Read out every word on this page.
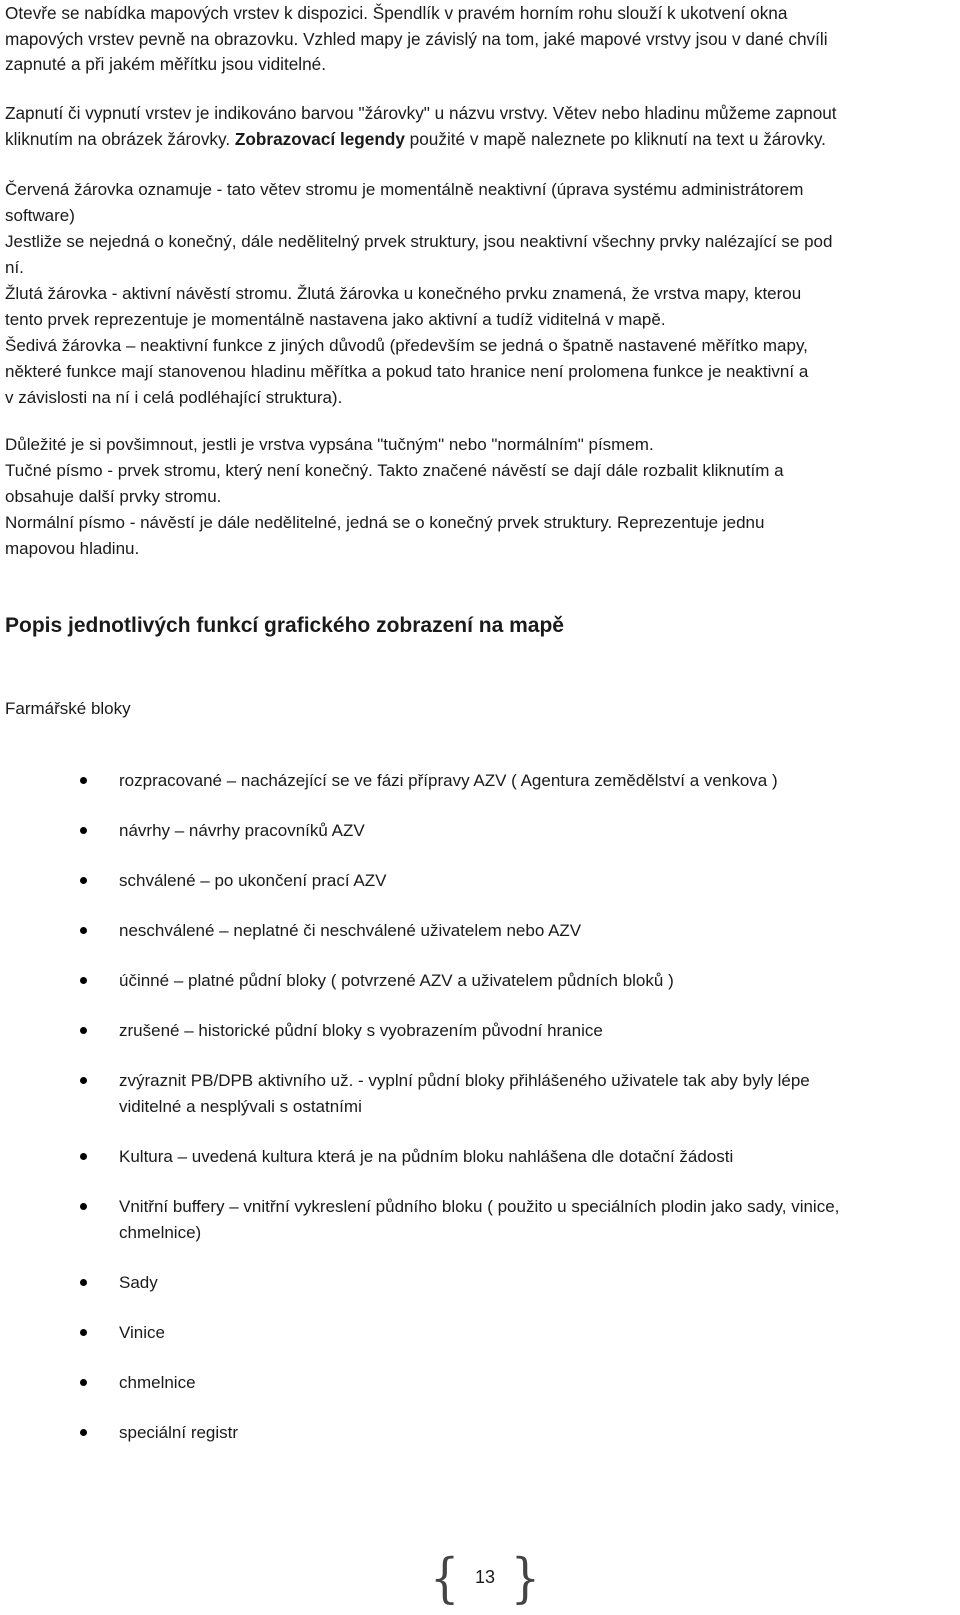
Otevře se nabídka mapových vrstev k dispozici. Špendlík v pravém horním rohu slouží k ukotvení okna
mapových vrstev pevně na obrazovku. Vzhled mapy je závislý na tom, jaké mapové vrstvy jsou v dané chvíli
zapnuté a při jakém měřítku jsou viditelné.
Zapnutí či vypnutí vrstev je indikováno barvou "žárovky" u názvu vrstvy. Větev nebo hladinu můžeme zapnout
kliknutím na obrázek žárovky. Zobrazovací legendy použité v mapě naleznete po kliknutí na text u žárovky.
Červená žárovka oznamuje - tato větev stromu je momentálně neaktivní (úprava systému administrátorem
software)
Jestliže se nejedná o konečný, dále nedělitelný prvek struktury, jsou neaktivní všechny prvky nalézající se pod
ní.
Žlutá žárovka - aktivní návěstí stromu. Žlutá žárovka u konečného prvku znamená, že vrstva mapy, kterou
tento prvek reprezentuje je momentálně nastavena jako aktivní a tudíž viditelná v mapě.
Šedivá žárovka – neaktivní funkce z jiných důvodů (především se jedná o špatně nastavené měřítko mapy,
některé funkce mají stanovenou hladinu měřítka a pokud tato hranice není prolomena funkce je neaktivní a
v závislosti na ní i celá podléhající struktura).
Důležité je si povšimnout, jestli je vrstva vypsána "tučným" nebo "normálním" písmem.
Tučné písmo - prvek stromu, který není konečný. Takto značené návěstí se dají dále rozbalit kliknutím a
obsahuje další prvky stromu.
Normální písmo - návěstí je dále nedělitelné, jedná se o konečný prvek struktury. Reprezentuje jednu
mapovou hladinu.
Popis jednotlivých funkcí grafického zobrazení na mapě
Farmářské bloky
rozpracované – nacházející se ve fázi přípravy AZV ( Agentura zemědělství a venkova )
návrhy – návrhy pracovníků AZV
schválené – po ukončení prací AZV
neschválené – neplatné či neschválené uživatelem nebo AZV
účinné – platné půdní bloky ( potvrzené AZV a uživatelem půdních bloků )
zrušené – historické půdní bloky s vyobrazením původní hranice
zvýraznit PB/DPB aktivního už. - vyplní půdní bloky přihlášeného uživatele tak aby byly lépe
viditelné a nesplývali s ostatními
Kultura – uvedená kultura která je na půdním bloku nahlášena dle dotační žádosti
Vnitřní buffery – vnitřní vykreslení půdního bloku ( použito u speciálních plodin jako sady, vinice,
chmelnice)
Sady
Vinice
chmelnice
speciální registr
{ 13 }
